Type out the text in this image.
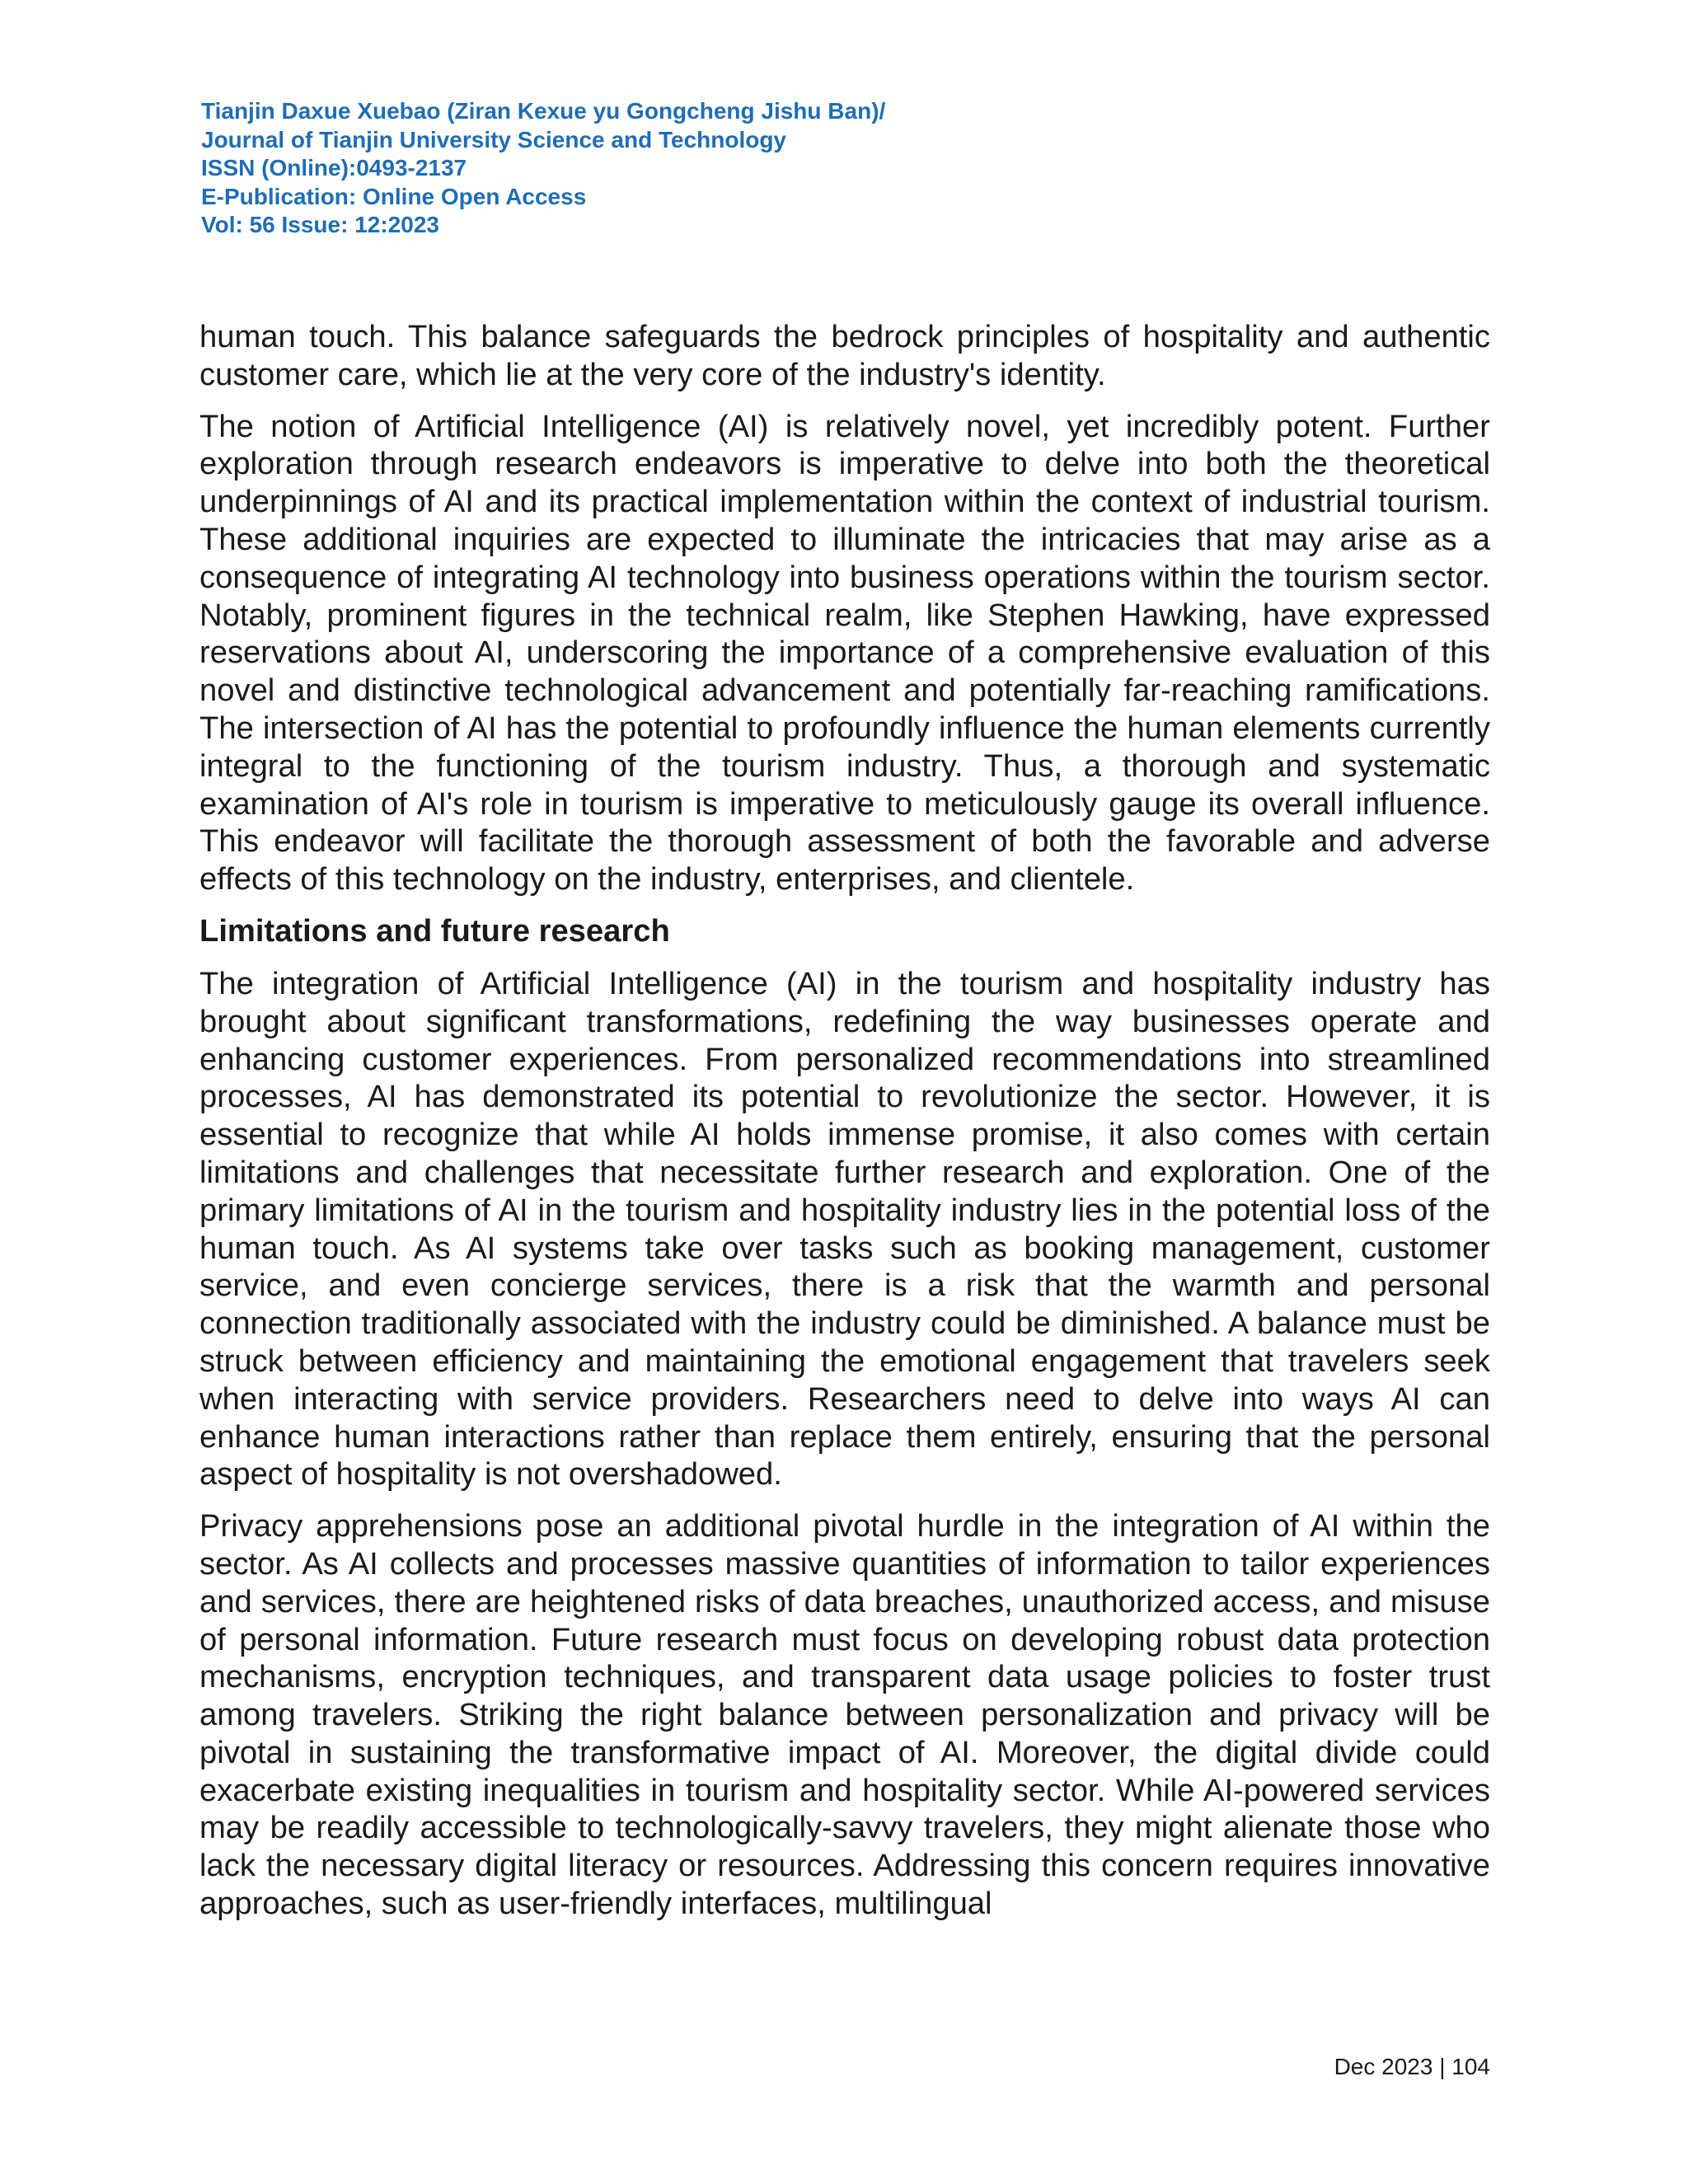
Tianjin Daxue Xuebao (Ziran Kexue yu Gongcheng Jishu Ban)/
Journal of Tianjin University Science and Technology
ISSN (Online):0493-2137
E-Publication: Online Open Access
Vol: 56 Issue: 12:2023

human touch. This balance safeguards the bedrock principles of hospitality and authentic customer care, which lie at the very core of the industry's identity.

The notion of Artificial Intelligence (AI) is relatively novel, yet incredibly potent. Further exploration through research endeavors is imperative to delve into both the theoretical underpinnings of AI and its practical implementation within the context of industrial tourism. These additional inquiries are expected to illuminate the intricacies that may arise as a consequence of integrating AI technology into business operations within the tourism sector. Notably, prominent figures in the technical realm, like Stephen Hawking, have expressed reservations about AI, underscoring the importance of a comprehensive evaluation of this novel and distinctive technological advancement and potentially far-reaching ramifications. The intersection of AI has the potential to profoundly influence the human elements currently integral to the functioning of the tourism industry. Thus, a thorough and systematic examination of AI's role in tourism is imperative to meticulously gauge its overall influence. This endeavor will facilitate the thorough assessment of both the favorable and adverse effects of this technology on the industry, enterprises, and clientele.

Limitations and future research

The integration of Artificial Intelligence (AI) in the tourism and hospitality industry has brought about significant transformations, redefining the way businesses operate and enhancing customer experiences. From personalized recommendations into streamlined processes, AI has demonstrated its potential to revolutionize the sector. However, it is essential to recognize that while AI holds immense promise, it also comes with certain limitations and challenges that necessitate further research and exploration. One of the primary limitations of AI in the tourism and hospitality industry lies in the potential loss of the human touch. As AI systems take over tasks such as booking management, customer service, and even concierge services, there is a risk that the warmth and personal connection traditionally associated with the industry could be diminished. A balance must be struck between efficiency and maintaining the emotional engagement that travelers seek when interacting with service providers. Researchers need to delve into ways AI can enhance human interactions rather than replace them entirely, ensuring that the personal aspect of hospitality is not overshadowed.

Privacy apprehensions pose an additional pivotal hurdle in the integration of AI within the sector. As AI collects and processes massive quantities of information to tailor experiences and services, there are heightened risks of data breaches, unauthorized access, and misuse of personal information. Future research must focus on developing robust data protection mechanisms, encryption techniques, and transparent data usage policies to foster trust among travelers. Striking the right balance between personalization and privacy will be pivotal in sustaining the transformative impact of AI. Moreover, the digital divide could exacerbate existing inequalities in tourism and hospitality sector. While AI-powered services may be readily accessible to technologically-savvy travelers, they might alienate those who lack the necessary digital literacy or resources. Addressing this concern requires innovative approaches, such as user-friendly interfaces, multilingual

Dec 2023 | 104
